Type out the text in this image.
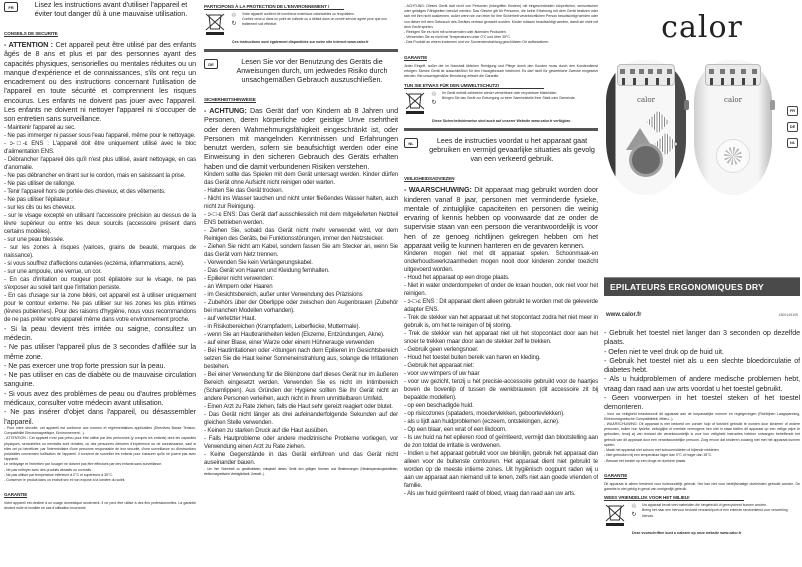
FR	Lisez les instructions avant d'utiliser l'appareil et éviter tout danger dû à une mauvaise utilisation.
CONSEILS DE SECURITE
- ATTENTION : Cet appareil peut être utilisé par des enfants âgés de 8 ans et plus et par des personnes ayant des capacités physiques, sensorielles ou mentales réduites ou un manque d'expérience et de connaissances, s'ils ont reçu un encadrement ou des instructions concernant l'utilisation de l'appareil en toute sécurité et comprennent les risques encourus. Les enfants ne doivent pas jouer avec l'appareil. Les enfants ne doivent ni nettoyer l'appareil ni s'occuper de son entretien sans surveillance.
- Maintenir l'appareil au sec.
- Ne pas immerger ni passer sous l'eau l'appareil, même pour le nettoyage.
- ɔ-□-ɛ ENS : L'appareil doit être uniquement utilisé avec le bloc d'alimentation ENS.
- Débrancher l'appareil dès qu'il n'est plus utilisé, avant nettoyage, en cas d'anomalie.
- Ne pas débrancher en tirant sur le cordon, mais en saisissant la prise.
- Ne pas utiliser de rallonge.
- Tenir l'appareil hors de portée des cheveux, et des vêtements.
- Ne pas utiliser l'épilateur :
- sur les cils ou les cheveux.
- sur le visage excepté en utilisant l'accessoire précision au dessus de la lèvre supérieur ou entre les deux sourcils (accessoire présent dans certains modèles).
- sur une peau blessée.
- sur les zones à risques (varices, grains de beauté, marques de naissance).
- si vous souffrez d'affections cutanées (eczéma, inflammations, acné).
- sur une ampoule, une verrue, un cor.
- En cas d'irritation ou rougeur post épilatoire sur le visage, ne pas s'exposer au soleil tant que l'irritation persiste.
- En cas d'usage sur la zone bikini, cet appareil est à utiliser uniquement pour le contour externe. Ne pas utiliser sur les zones les plus intimes (lèvres pubiennes). Pour des raisons d'hygiène, nous vous recommandons de ne pas prêter votre appareil même dans votre environnement proche.
- Si la peau devient très irritée ou saigne, consultez un médecin.
- Ne pas utiliser l'appareil plus de 3 secondes d'affilée sur la même zone.
- Ne pas exercer une trop forte pression sur la peau.
- Ne pas utiliser en cas de diabète ou de mauvaise circulation sanguine.
- Si vous avez des problèmes de peau ou d'autres problèmes médicaux, consulter votre médecin avant utilisation.
- Ne pas insérer d'objet dans l'appareil, ou désassembler l'appareil.
- Pour votre sécurité, cet appareil est conforme aux normes et réglementations applicables (Directives Basse Tension, Compatibilité Electromagnétique, Environnement...).
- ATTENTION : Cet appareil n'est pas prévu pour être utilisé par des personnes (y compris les enfants) dont les capacités physiques, sensorielles ou mentales sont réduites, ou des personnes dénuées d'expérience ou de connaissance, sauf si elles ont pu bénéficier, par l'intermédiaire d'une personne responsable de leur sécurité, d'une surveillance ou d'instructions préalables concernant l'utilisation de l'appareil. Il convient de surveiller les enfants pour s'assurer qu'ils ne jouent pas avec l'appareil.
Le nettoyage et l'entretien par l'usager ne doivent pas être effectués par des enfants sans surveillance.
- Ne pas nettoyer avec des produits abrasifs ou corrosifs.
- Ne pas utiliser par température inférieure à 0°C et supérieure à 35°C.
- Conserver le produit dans un endroit sec et non exposé à la lumière du soleil.
GARANTIE
Votre appareil est destiné à un usage domestique seulement. Il ne peut être utilisé à des fins professionnelles. La garantie devient nulle et invalide en cas d'utilisation incorrecte.
PARTICIPONS À LA PROTECTION DE L'ENVIRONNEMENT !
♲
↻
Votre appareil contient de nombreux matériaux valorisables ou recyclables.
Confiez celui-ci dans un point de collecte ou à défaut dans un centre service agréé pour que son traitement soit effectué.
Ces instructions sont également disponibles sur notre site internet www.calor.fr
DE	Lesen Sie vor der Benutzung des Geräts die Anweisungen durch, um jedwedes Risiko durch unsachgemäßen Gebrauch auszuschließen.
SICHERHEITSHINWEISE
- ACHTUNG: Das Gerät darf von Kindern ab 8 Jahren und Personen, deren körperliche oder geistige Unve rsehrtheit oder deren Wahrnehmungsfähigkeit eingeschränkt ist, oder Personen mit mangelnden Kenntnissen und Erfahrungen benutzt werden, sofern sie beaufsichtigt werden oder eine Einweisung in den sicheren Gebrauch des Geräts erhalten haben und die damit verbundenen Risiken verstehen.
Kindern sollte das Spielen mit dem Gerät untersagt werden. Kinder dürfen das Gerät ohne Aufsicht nicht reinigen oder warten.
- Halten Sie das Gerät trocken.
- Nicht ins Wasser tauchen und nicht unter fließendes Wasser halten, auch nicht zur Reinigung.
- ɔ-□-ɛ ENS: Das Gerät darf ausschliesslich mit dem mitgelieferten Netzteil ENS betrieben werden.
- Ziehen Sie, sobald das Gerät nicht mehr verwendet wird, vor dem Reinigen des Geräts, bei Funktionsstörungen, immer den Netzstecker.
- Ziehen Sie nicht am Kabel, sondern fassen Sie am Stecker an, wenn Sie das Gerät vom Netz trennen.
- Verwenden Sie kein Verlängerungskabel.
- Das Gerät von Haaren und Kleidung fernhalten.
- Epilierer nicht verwenden:
- an Wimpern oder Haaren
- im Gesichtsbereich, außer unter Verwendung des Präzisions
- Zubehörs über der Oberlippe oder zwischen den Augenbrauen (Zubehör bei manchen Modellen vorhanden).
- auf verletzter Haut.
- in Risikobereichen (Krampfadern, Leberflecke, Muttermale).
- wenn Sie an Hautkrankheiten leiden (Ekzeme, Entzündungen, Akne).
- auf einer Blase, einer Warze oder einem Hühnerauge verwenden
- Bei Hautirritationen oder -rötungen nach dem Epilieren im Gesichtsbereich setzen Sie die Haut keiner Sonneneinstrahlung aus, solange die Irritationen bestehen.
- Bei einer Verwendung für die Bikinizone darf dieses Gerät nur im äußeren Bereich eingesetzt werden. Verwenden Sie es nicht im Intimbereich (Schamlippen). Aus Gründen der Hygiene sollten Sie Ihr Gerät nicht an andere Personen verleihen, auch nicht in Ihrem unmittelbaren Umfeld.
- Einen Arzt zu Rate ziehen, falls die Haut sehr gereizt reagiert oder blutet.
- Das Gerät nicht länger als drei aufeinanderfolgende Sekunden auf der gleichen Stelle verwenden.
- Keinen zu starken Druck auf die Haut ausüben.
- Falls Hautprobleme oder andere medizinische Probleme vorliegen, vor Verwendung einen Arzt zu Rate ziehen.
- Keine Gegenstände in das Gerät einführen und das Gerät nicht auseinander bauen.
- Um Ihre Sicherheit zu gewährleisten, entspricht dieses Gerät den gültigen Normen und Bestimmungen (Niederspannungsrichtlinien, elektromagnetische Verträglichkeit, Umwelt...).
- ACHTUNG: Dieses Gerät darf nicht von Personen (inbegriffen Kindern) mit eingeschränkten körperlichen, sensorischen oder geistigen Fähigkeiten benutzt werden. Das Gleiche gilt für Personen, die keine Erfahrung mit dem Gerät besitzen oder sich mit ihm nicht auskennen, außer wenn sie von einer für ihre Sicherheit verantwortlichen Person beaufsichtigt werden oder von dieser mit dem Gebrauch des Gerätes vertraut gemacht wurden. Kinder müssen beaufsichtigt werden, damit sie nicht mit dem Gerät spielen.
- Reinigen Sie es nicht mit scheuernden oder ätzenden Produkten.
- Verwenden Sie es nicht bei Temperaturen unter 0°C und über 35°C.
- Das Produkt an einem trockenen und vor Sonneneinstrahlung geschützten Ort aufbewahren.
GARANTIE
Jeder Eingriff, außer der im Haushalt üblichen Reinigung und Pflege durch den Kunden muss durch den Kundendienst erfolgen. Dieses Gerät ist ausschließlich für den Hausgebrauch bestimmt. Es darf nicht für gewerbliche Zwecke eingesetzt werden. Bei unsachgemäßer Benutzung erlischt die Garantie.
TUN SIE ETWAS FÜR DEN UMWELTSCHUTZ!
♲
↻
Ihr Gerät enthält zahlreiche wieder verwertbare oder recyclebare Materialien.
Bringen Sie das Gerät zur Entsorgung zu einer Sammelstelle Ihrer Stadt oder Gemeinde.
Diese Sicherheitshinweise sind auch auf unserer Website www.calor.fr verfügbar.
NL	Lees de instructies voordat u het apparaat gaat gebruiken en vermijd gevaarlijke situaties als gevolg van een verkeerd gebruik.
VEILIGHEIDSADVIEZEN
- WAARSCHUWING: Dit apparaat mag gebruikt worden door kinderen vanaf 8 jaar, personen met verminderde fysieke, mentale of zintuiglijke capaciteiten en personen die weinig ervaring of kennis hebben op voorwaarde dat ze onder de supervisie staan van een persoon die verantwoordelijk is voor hen of ze genoeg richtlijnen gekregen hebben om het apparaat veilig te kunnen hanteren en de gevaren kennen.
Kinderen mogen niet met dit apparaat spelen. Schoonmaak-en onderhoudswerkzaamheden mogen nooit door kinderen zonder toezicht uitgevoerd worden.
- Houd het apparaat op een droge plaats.
- Niet in water onderdompelen of onder de kraan houden, ook niet voor het reinigen.
- ɔ-□-ɛ ENS : Dit apparaat dient alleen gebruikt te worden met de geleverde adapter ENS.
- Trek de stekker van het apparaat uit het stopcontact zodra het niet meer in gebruik is, om het te reinigen of bij storing.
- Trek de stekker van het apparaat niet uit het stopcontact door aan het snoer te trekken maar door aan de stekker zelf te trekken.
- Gebruik geen verlengsnoer.
- Houd het toestel buiten bereik van haren en kleding.
- Gebruik het apparaat niet:
- voor uw wimpers of uw haar
- voor uw gezicht, tenzij u het precisie-accessoire gebruikt voor de haartjes boven de bovenlip of tussen de wenkbrauwen (dit accessoire zit bij bepaalde modellen).
- op een beschadigde huid.
- op risicozones (spataders, moedervlekken, geboortevlekken).
- als u lijdt aan huidproblemen (eczeem, ontstekingen, acne).
- Op een blaar, een wrat of een likdoorn.
- Is uw huid na het epileren rood of geïrriteerd, vermijd dan blootstelling aan de zon totdat de irritatie is verdwenen.
- Indien u het apparaat gebruikt voor uw bikinilijn, gebruik het apparaat dan alleen voor de buitenste contouren. Het apparaat dient niet gebruikt te worden op de meeste intieme zones. Uit hygiënisch oogpunt raden wij u aan uw apparaat aan niemand uit te lenen, zelfs niet aan goede vrienden of familie.
- Als uw huid geïrriteerd raakt of bloed, vraag dan raad aan uw arts.
calor
calor	calor
FR
DE
NL
EPILATEURS ERGONOMIQUES DRY
www.calor.fr	1800145105
- Gebruik het toestel niet langer dan 3 seconden op dezelfde plaats.
- Oefen niet te veel druk op de huid uit.
- Gebruik het toestel niet als u een slechte bloedcirculatie of diabetes hebt.
- Als u huidproblemen of andere medische problemen hebt, vraag dan raad aan uw arts voordat u het toestel gebruikt.
- Geen voorwerpen in het toestel steken of het toestel demonteren.
- Voor uw veiligheid beantwoordt dit apparaat aan de toepasselijke normen en regelgevingen (Richtlijnen Laagspanning, Elektromagnetische Compatibiliteit, Milieu...).
- WAARSCHUWING: Dit apparaat is niet bedoeld om zonder hulp of toezicht gebruikt te worden door kinderen of andere personen, indien hun fysieke, zintuiglijke of mentale vermogens hen niet in staat stellen dit apparaat op een veilige wijze te gebruiken, tenzij zij van iemand die verantwoordelijk is voor hun veiligheid instructies hebben ontvangen betreffende het gebruik van dit apparaat door een verantwoordelijke persoon. Zorg ervoor dat kinderen zodanig niet met het apparaat kunnen spelen.
- Maak het apparaat niet schoon met schuurmiddelen of bijtende middelen.
- Niet gebruiken bij een temperatuur lager dan 0°C of hoger dan 35°C.
- Bewaar het toestel op een droge en donkere plaats.
GARANTIE
Dit apparaat is alleen bestemd voor huishoudelijk gebruik. Het kan niet voor bedrijfsmatige doeleinden gebruikt worden. De garantie is niet geldig in geval van oneigenlijk gebruik.
WEES VRIENDELIJK VOOR HET MILIEU!
♲
↻
Uw apparaat bevat veel materialen die hergebruikt of gerecycleerd kunnen worden.
Breng het naar een hiervoor bedoeld verzamelpunt of een erkende servicedienst voor verwerking hiervan.
Deze voorschriften kunt u nalezen op onze website www.calor.fr
